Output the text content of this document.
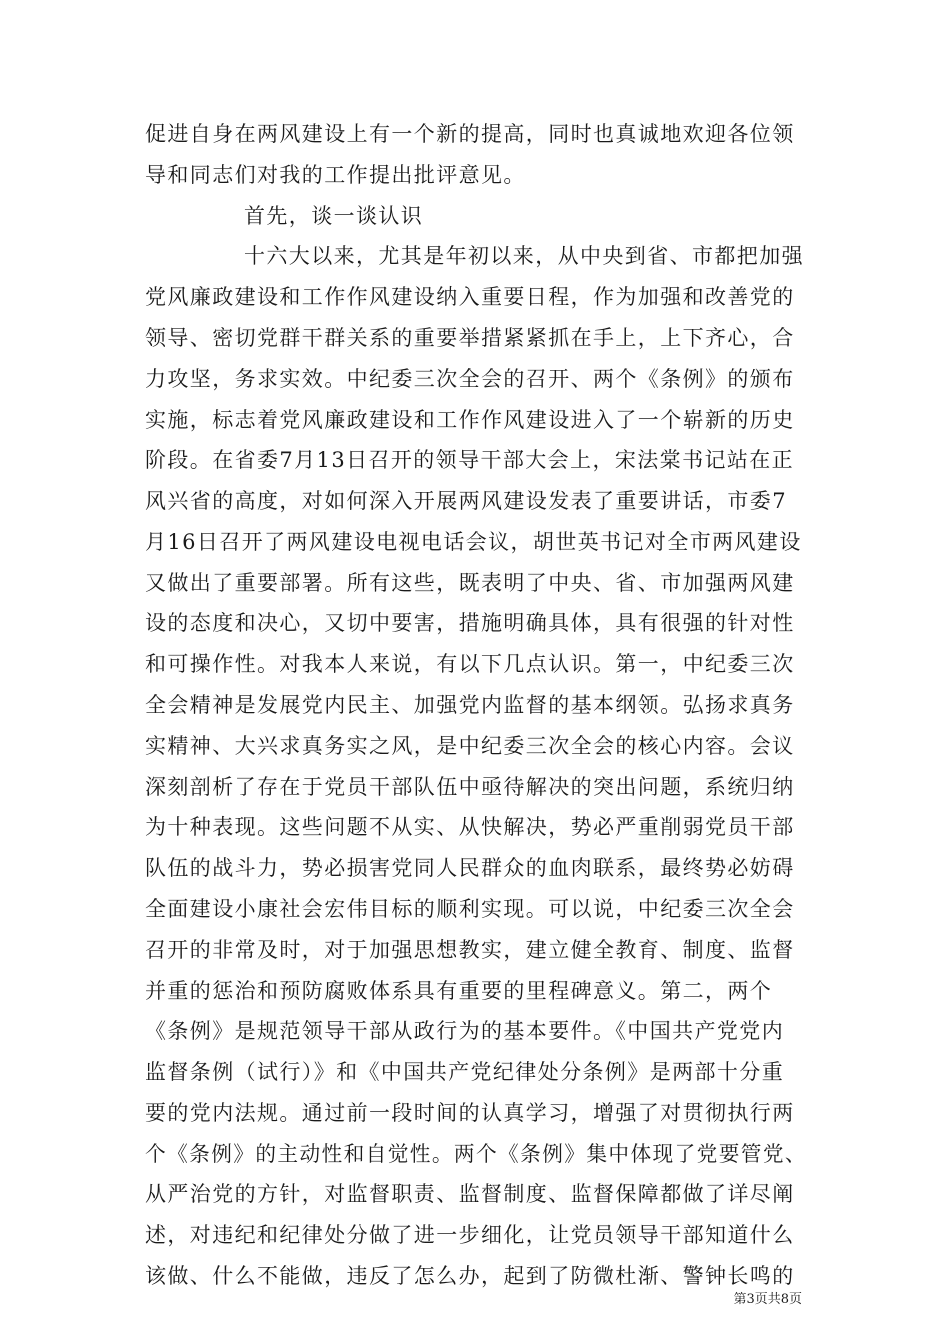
促进自身在两风建设上有一个新的提高，同时也真诚地欢迎各位领
导和同志们对我的工作提出批评意见。
首先，谈一谈认识
十六大以来，尤其是年初以来，从中央到省、市都把加强
党风廉政建设和工作作风建设纳入重要日程，作为加强和改善党的
领导、密切党群干群关系的重要举措紧紧抓在手上，上下齐心，合
力攻坚，务求实效。中纪委三次全会的召开、两个《条例》的颁布
实施，标志着党风廉政建设和工作作风建设进入了一个崭新的历史
阶段。在省委7月13日召开的领导干部大会上，宋法棠书记站在正
风兴省的高度，对如何深入开展两风建设发表了重要讲话，市委7
月16日召开了两风建设电视电话会议，胡世英书记对全市两风建设
又做出了重要部署。所有这些，既表明了中央、省、市加强两风建
设的态度和决心，又切中要害，措施明确具体，具有很强的针对性
和可操作性。对我本人来说，有以下几点认识。第一，中纪委三次
全会精神是发展党内民主、加强党内监督的基本纲领。弘扬求真务
实精神、大兴求真务实之风，是中纪委三次全会的核心内容。会议
深刻剖析了存在于党员干部队伍中亟待解决的突出问题，系统归纳
为十种表现。这些问题不从实、从快解决，势必严重削弱党员干部
队伍的战斗力，势必损害党同人民群众的血肉联系，最终势必妨碍
全面建设小康社会宏伟目标的顺利实现。可以说，中纪委三次全会
召开的非常及时，对于加强思想教实，建立健全教育、制度、监督
并重的惩治和预防腐败体系具有重要的里程碑意义。第二，两个
《条例》是规范领导干部从政行为的基本要件。《中国共产党党内
监督条例（试行）》和《中国共产党纪律处分条例》是两部十分重
要的党内法规。通过前一段时间的认真学习，增强了对贯彻执行两
个《条例》的主动性和自觉性。两个《条例》集中体现了党要管党、
从严治党的方针，对监督职责、监督制度、监督保障都做了详尽阐
述，对违纪和纪律处分做了进一步细化，让党员领导干部知道什么
该做、什么不能做，违反了怎么办，起到了防微杜渐、警钟长鸣的
第3页共8页
